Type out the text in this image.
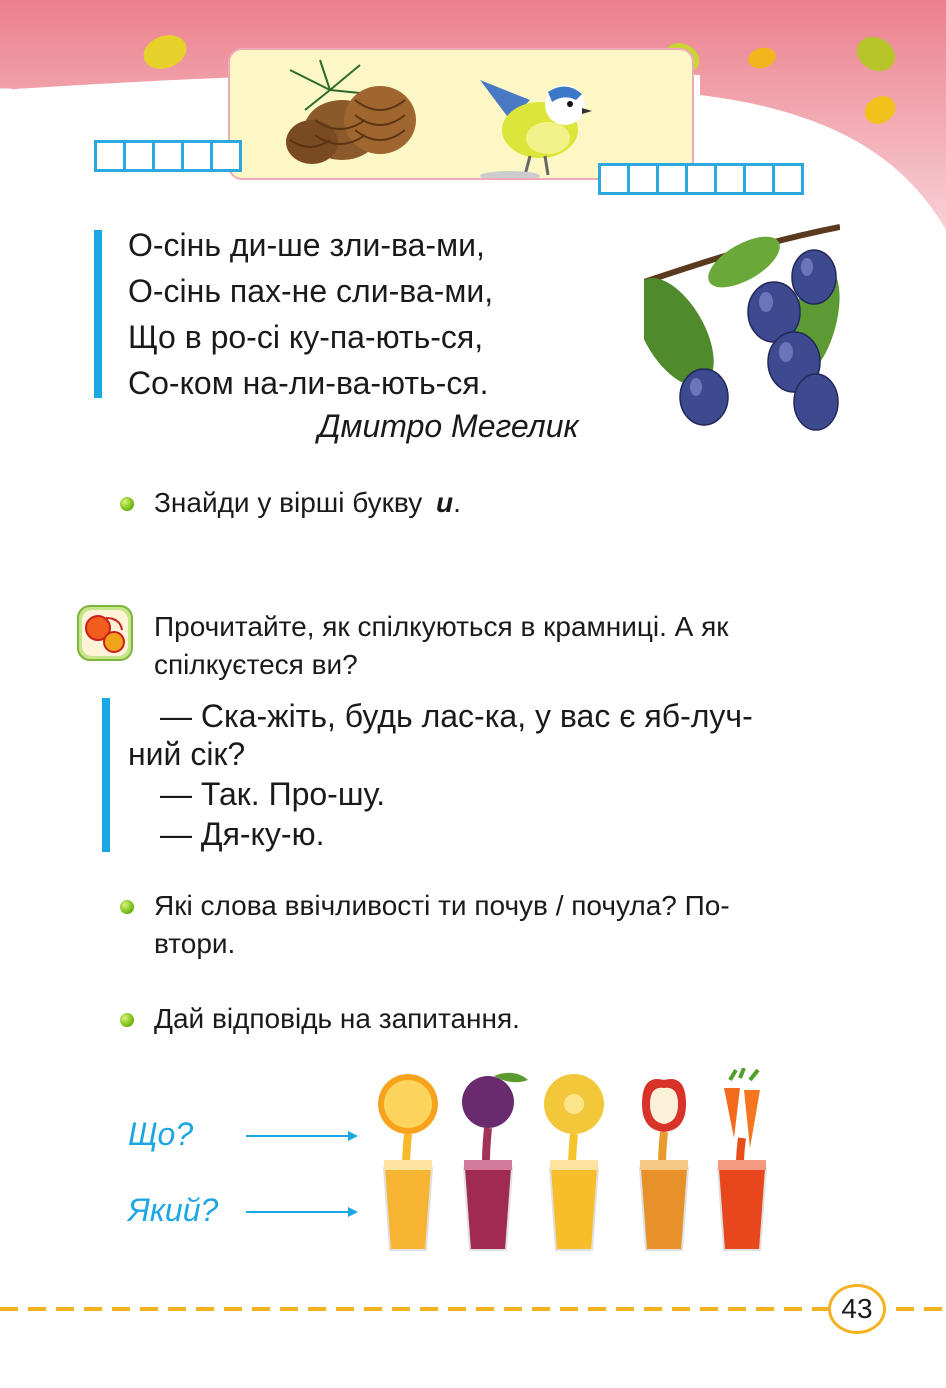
О-сінь ди-ше зли-ва-ми,
О-сінь пах-не сли-ва-ми,
Що в ро-сі ку-па-ють-ся,
Со-ком на-ли-ва-ють-ся.
Дмитро Мегелик
Знайди у вірші букву и.
Прочитайте, як спілкуються в крамниці. А як
спілкуєтеся ви?
— Ска-жіть, будь лас-ка, у вас є яб-луч-
ний сік?
— Так. Про-шу.
— Дя-ку-ю.
Які слова ввічливості ти почув / почула? По-
втори.
Дай відповідь на запитання.
Що?
Який?
43
